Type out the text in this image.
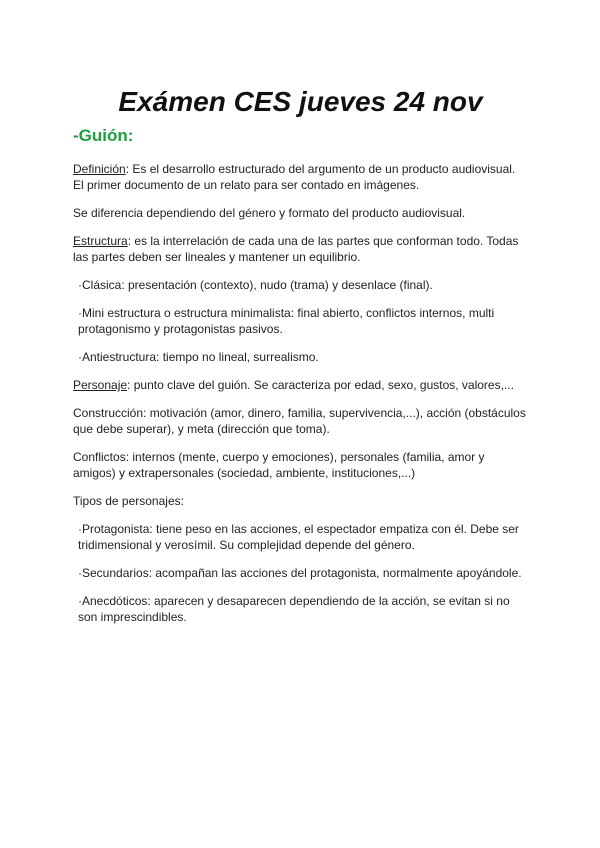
Exámen CES jueves 24 nov
-Guión:

Definición: Es el desarrollo estructurado del argumento de un producto audiovisual. El primer documento de un relato para ser contado en imágenes.

Se diferencia dependiendo del género y formato del producto audiovisual.

Estructura: es la interrelación de cada una de las partes que conforman todo. Todas las partes deben ser lineales y mantener un equilibrio.

·Clásica: presentación (contexto), nudo (trama) y desenlace (final).

·Mini estructura o estructura minimalista: final abierto, conflictos internos, multi protagonismo y protagonistas pasivos.

·Antiestructura: tiempo no lineal, surrealismo.

Personaje: punto clave del guión. Se caracteriza por edad, sexo, gustos, valores,...

Construcción: motivación (amor, dinero, familia, supervivencia,...), acción (obstáculos que debe superar), y meta (dirección que toma).

Conflictos: internos (mente, cuerpo y emociones), personales (familia, amor y amigos) y extrapersonales (sociedad, ambiente, instituciones,...)

Tipos de personajes:

·Protagonista: tiene peso en las acciones, el espectador empatiza con él. Debe ser tridimensional y verosímil. Su complejidad depende del género.

·Secundarios: acompañan las acciones del protagonista, normalmente apoyándole.

·Anecdóticos: aparecen y desaparecen dependiendo de la acción, se evitan si no son imprescindibles.
